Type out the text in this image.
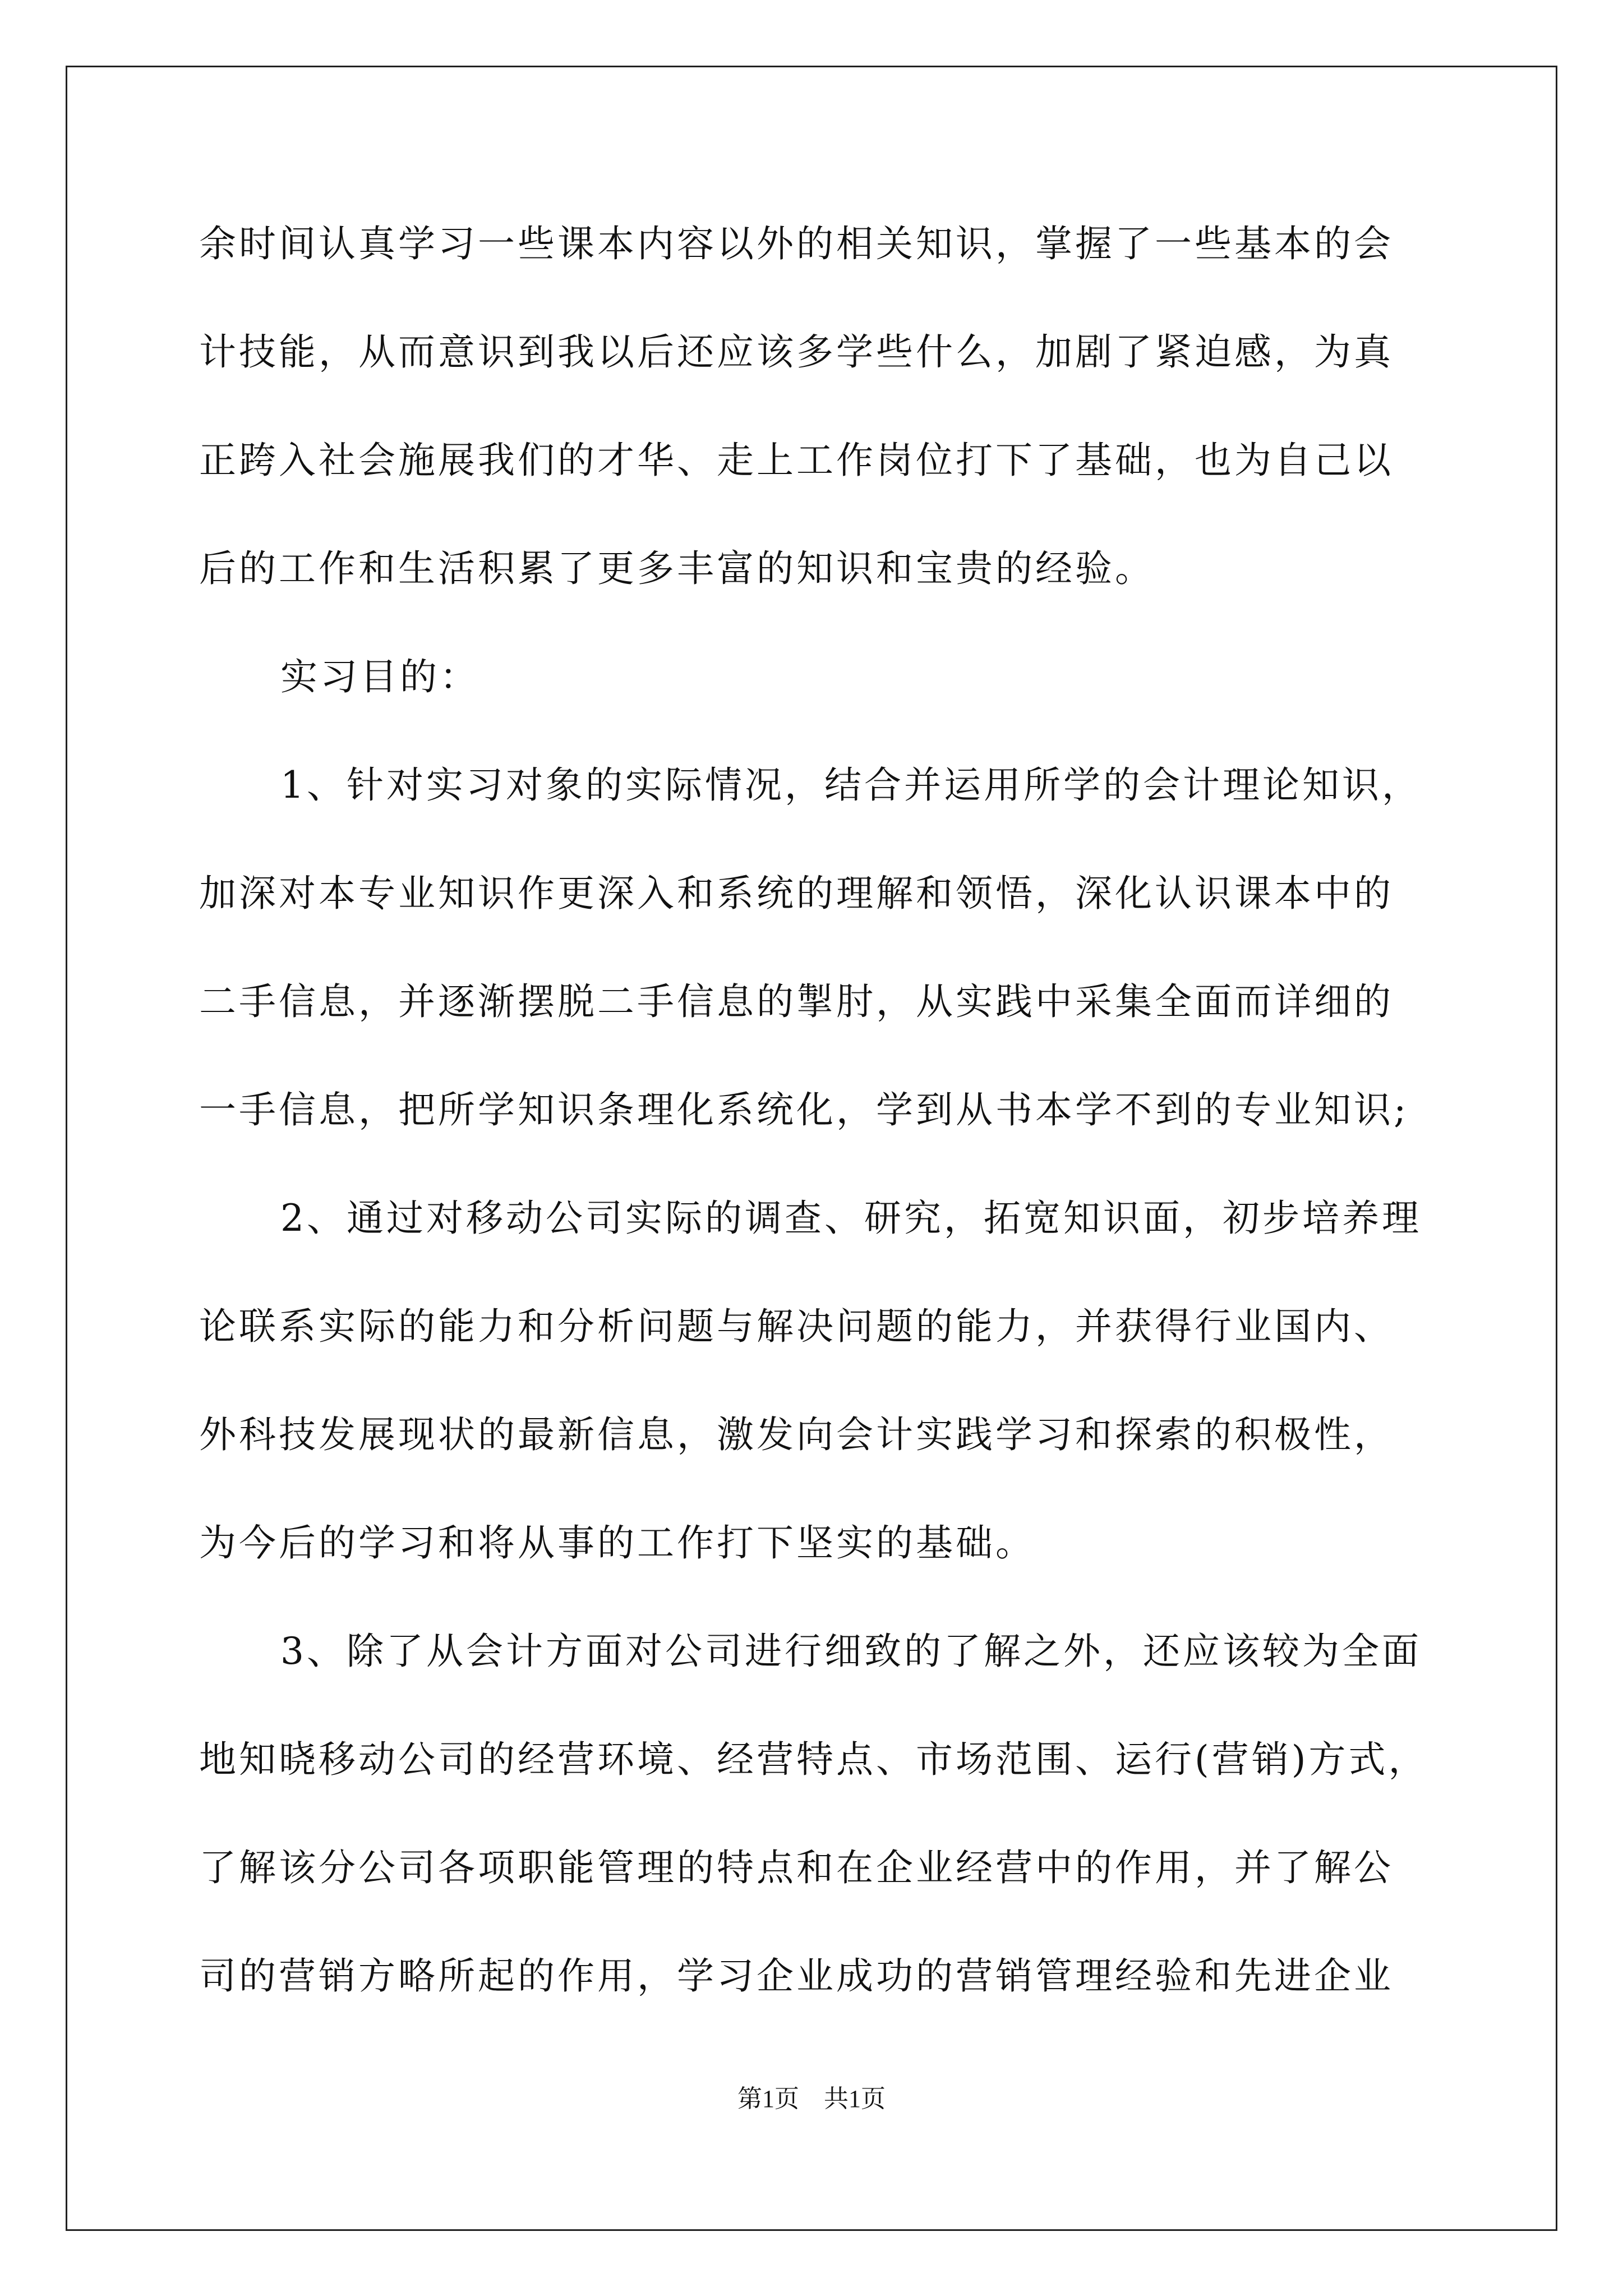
余时间认真学习一些课本内容以外的相关知识，掌握了一些基本的会
计技能，从而意识到我以后还应该多学些什么，加剧了紧迫感，为真
正跨入社会施展我们的才华、走上工作岗位打下了基础，也为自己以
后的工作和生活积累了更多丰富的知识和宝贵的经验。
实习目的：
1、针对实习对象的实际情况，结合并运用所学的会计理论知识，
加深对本专业知识作更深入和系统的理解和领悟，深化认识课本中的
二手信息，并逐渐摆脱二手信息的掣肘，从实践中采集全面而详细的
一手信息，把所学知识条理化系统化，学到从书本学不到的专业知识;
2、通过对移动公司实际的调查、研究，拓宽知识面，初步培养理
论联系实际的能力和分析问题与解决问题的能力，并获得行业国内、
外科技发展现状的最新信息，激发向会计实践学习和探索的积极性，
为今后的学习和将从事的工作打下坚实的基础。
3、除了从会计方面对公司进行细致的了解之外，还应该较为全面
地知晓移动公司的经营环境、经营特点、市场范围、运行(营销)方式，
了解该分公司各项职能管理的特点和在企业经营中的作用，并了解公
司的营销方略所起的作用，学习企业成功的营销管理经验和先进企业
第1页　共1页
